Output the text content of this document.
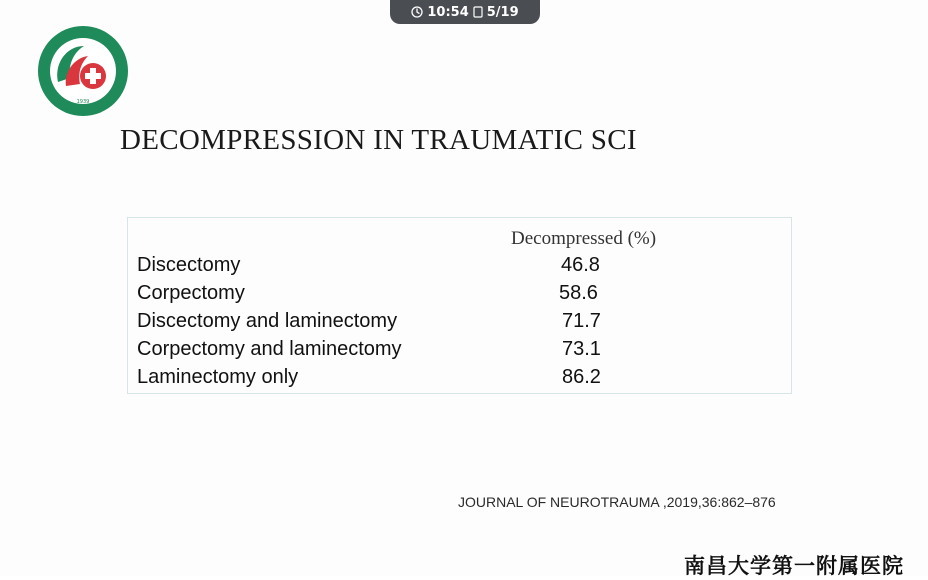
10:54 5/19
1939
DECOMPRESSION IN TRAUMATIC SCI
Decompressed (%)
Discectomy	46.8
Corpectomy	58.6
Discectomy and laminectomy	71.7
Corpectomy and laminectomy	73.1
Laminectomy only	86.2
JOURNAL OF NEUROTRAUMA ,2019,36:862–876
南昌大学第一附属医院
